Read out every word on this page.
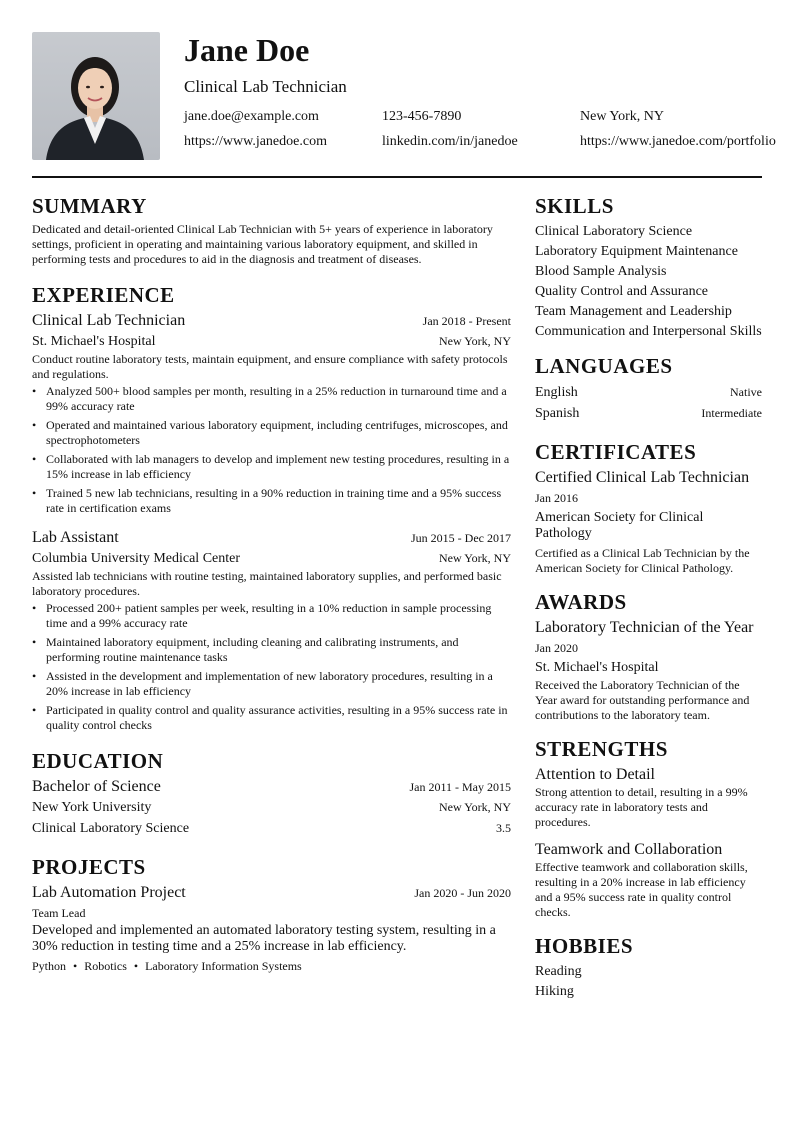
Jane Doe
Clinical Lab Technician
jane.doe@example.com	123-456-7890	New York, NY
https://www.janedoe.com	linkedin.com/in/janedoe	https://www.janedoe.com/portfolio
SUMMARY
Dedicated and detail-oriented Clinical Lab Technician with 5+ years of experience in laboratory settings, proficient in operating and maintaining various laboratory equipment, and skilled in performing tests and procedures to aid in the diagnosis and treatment of diseases.
EXPERIENCE
Clinical Lab Technician	Jan 2018 - Present
St. Michael's Hospital	New York, NY
Conduct routine laboratory tests, maintain equipment, and ensure compliance with safety protocols and regulations.
• Analyzed 500+ blood samples per month, resulting in a 25% reduction in turnaround time and a 99% accuracy rate
• Operated and maintained various laboratory equipment, including centrifuges, microscopes, and spectrophotometers
• Collaborated with lab managers to develop and implement new testing procedures, resulting in a 15% increase in lab efficiency
• Trained 5 new lab technicians, resulting in a 90% reduction in training time and a 95% success rate in certification exams
Lab Assistant	Jun 2015 - Dec 2017
Columbia University Medical Center	New York, NY
Assisted lab technicians with routine testing, maintained laboratory supplies, and performed basic laboratory procedures.
• Processed 200+ patient samples per week, resulting in a 10% reduction in sample processing time and a 99% accuracy rate
• Maintained laboratory equipment, including cleaning and calibrating instruments, and performing routine maintenance tasks
• Assisted in the development and implementation of new laboratory procedures, resulting in a 20% increase in lab efficiency
• Participated in quality control and quality assurance activities, resulting in a 95% success rate in quality control checks
EDUCATION
Bachelor of Science	Jan 2011 - May 2015
New York University	New York, NY
Clinical Laboratory Science	3.5
PROJECTS
Lab Automation Project	Jan 2020 - Jun 2020
Team Lead
Developed and implemented an automated laboratory testing system, resulting in a 30% reduction in testing time and a 25% increase in lab efficiency.
Python • Robotics • Laboratory Information Systems
SKILLS
Clinical Laboratory Science
Laboratory Equipment Maintenance
Blood Sample Analysis
Quality Control and Assurance
Team Management and Leadership
Communication and Interpersonal Skills
LANGUAGES
English	Native
Spanish	Intermediate
CERTIFICATES
Certified Clinical Lab Technician
Jan 2016
American Society for Clinical Pathology
Certified as a Clinical Lab Technician by the American Society for Clinical Pathology.
AWARDS
Laboratory Technician of the Year
Jan 2020
St. Michael's Hospital
Received the Laboratory Technician of the Year award for outstanding performance and contributions to the laboratory team.
STRENGTHS
Attention to Detail
Strong attention to detail, resulting in a 99% accuracy rate in laboratory tests and procedures.
Teamwork and Collaboration
Effective teamwork and collaboration skills, resulting in a 20% increase in lab efficiency and a 95% success rate in quality control checks.
HOBBIES
Reading
Hiking
